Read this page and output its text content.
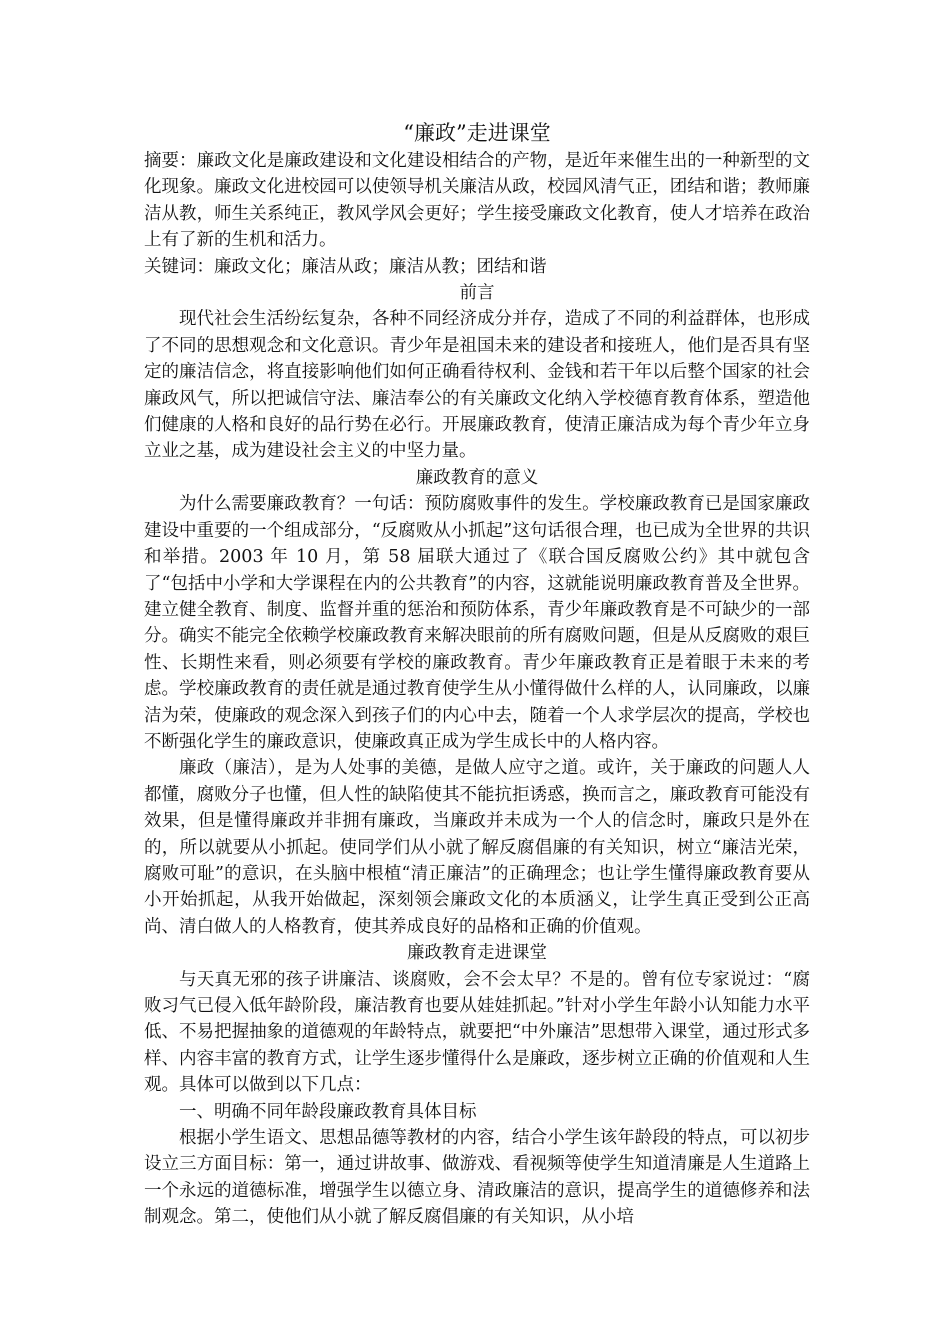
“廉政”走进课堂

摘要：廉政文化是廉政建设和文化建设相结合的产物，是近年来催生出的一种新型的文化现象。廉政文化进校园可以使领导机关廉洁从政，校园风清气正，团结和谐；教师廉洁从教，师生关系纯正，教风学风会更好；学生接受廉政文化教育，使人才培养在政治上有了新的生机和活力。

关键词：廉政文化；廉洁从政；廉洁从教；团结和谐

前言

现代社会生活纷纭复杂，各种不同经济成分并存，造成了不同的利益群体，也形成了不同的思想观念和文化意识。青少年是祖国未来的建设者和接班人，他们是否具有坚定的廉洁信念，将直接影响他们如何正确看待权利、金钱和若干年以后整个国家的社会廉政风气，所以把诚信守法、廉洁奉公的有关廉政文化纳入学校德育教育体系，塑造他们健康的人格和良好的品行势在必行。开展廉政教育，使清正廉洁成为每个青少年立身立业之基，成为建设社会主义的中坚力量。

廉政教育的意义

为什么需要廉政教育？一句话：预防腐败事件的发生。学校廉政教育已是国家廉政建设中重要的一个组成部分，“反腐败从小抓起”这句话很合理，也已成为全世界的共识和举措。2003 年 10 月，第 58 届联大通过了《联合国反腐败公约》其中就包含了“包括中小学和大学课程在内的公共教育”的内容，这就能说明廉政教育普及全世界。建立健全教育、制度、监督并重的惩治和预防体系，青少年廉政教育是不可缺少的一部分。确实不能完全依赖学校廉政教育来解决眼前的所有腐败问题，但是从反腐败的艰巨性、长期性来看，则必须要有学校的廉政教育。青少年廉政教育正是着眼于未来的考虑。学校廉政教育的责任就是通过教育使学生从小懂得做什么样的人，认同廉政，以廉洁为荣，使廉政的观念深入到孩子们的内心中去，随着一个人求学层次的提高，学校也不断强化学生的廉政意识，使廉政真正成为学生成长中的人格内容。

廉政（廉洁），是为人处事的美德，是做人应守之道。或许，关于廉政的问题人人都懂，腐败分子也懂，但人性的缺陷使其不能抗拒诱惑，换而言之，廉政教育可能没有效果，但是懂得廉政并非拥有廉政，当廉政并未成为一个人的信念时，廉政只是外在的，所以就要从小抓起。使同学们从小就了解反腐倡廉的有关知识，树立“廉洁光荣，腐败可耻”的意识，在头脑中根植“清正廉洁”的正确理念；也让学生懂得廉政教育要从小开始抓起，从我开始做起，深刻领会廉政文化的本质涵义，让学生真正受到公正高尚、清白做人的人格教育，使其养成良好的品格和正确的价值观。

廉政教育走进课堂

与天真无邪的孩子讲廉洁、谈腐败，会不会太早？不是的。曾有位专家说过：“腐败习气已侵入低年龄阶段，廉洁教育也要从娃娃抓起。”针对小学生年龄小认知能力水平低、不易把握抽象的道德观的年龄特点，就要把“中外廉洁”思想带入课堂，通过形式多样、内容丰富的教育方式，让学生逐步懂得什么是廉政，逐步树立正确的价值观和人生观。具体可以做到以下几点：

一、明确不同年龄段廉政教育具体目标

根据小学生语文、思想品德等教材的内容，结合小学生该年龄段的特点，可以初步设立三方面目标：第一，通过讲故事、做游戏、看视频等使学生知道清廉是人生道路上一个永远的道德标准，增强学生以德立身、清政廉洁的意识，提高学生的道德修养和法制观念。第二，使他们从小就了解反腐倡廉的有关知识，从小培
